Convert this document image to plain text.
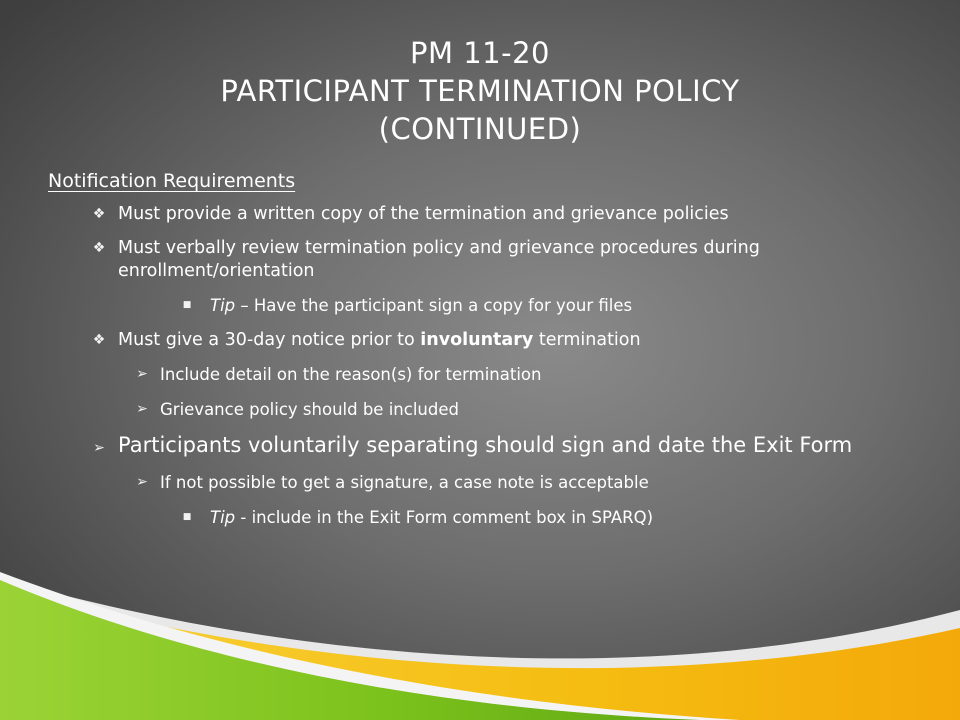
PM 11-20
PARTICIPANT TERMINATION POLICY
(CONTINUED)
Notification Requirements
❖ Must provide a written copy of the termination and grievance policies
❖ Must verbally review termination policy and grievance procedures during enrollment/orientation
■ Tip – Have the participant sign a copy for your files
❖ Must give a 30-day notice prior to involuntary termination
➢ Include detail on the reason(s) for termination
➢ Grievance policy should be included
➢ Participants voluntarily separating should sign and date the Exit Form
➢ If not possible to get a signature, a case note is acceptable
■ Tip - include in the Exit Form comment box in SPARQ)
